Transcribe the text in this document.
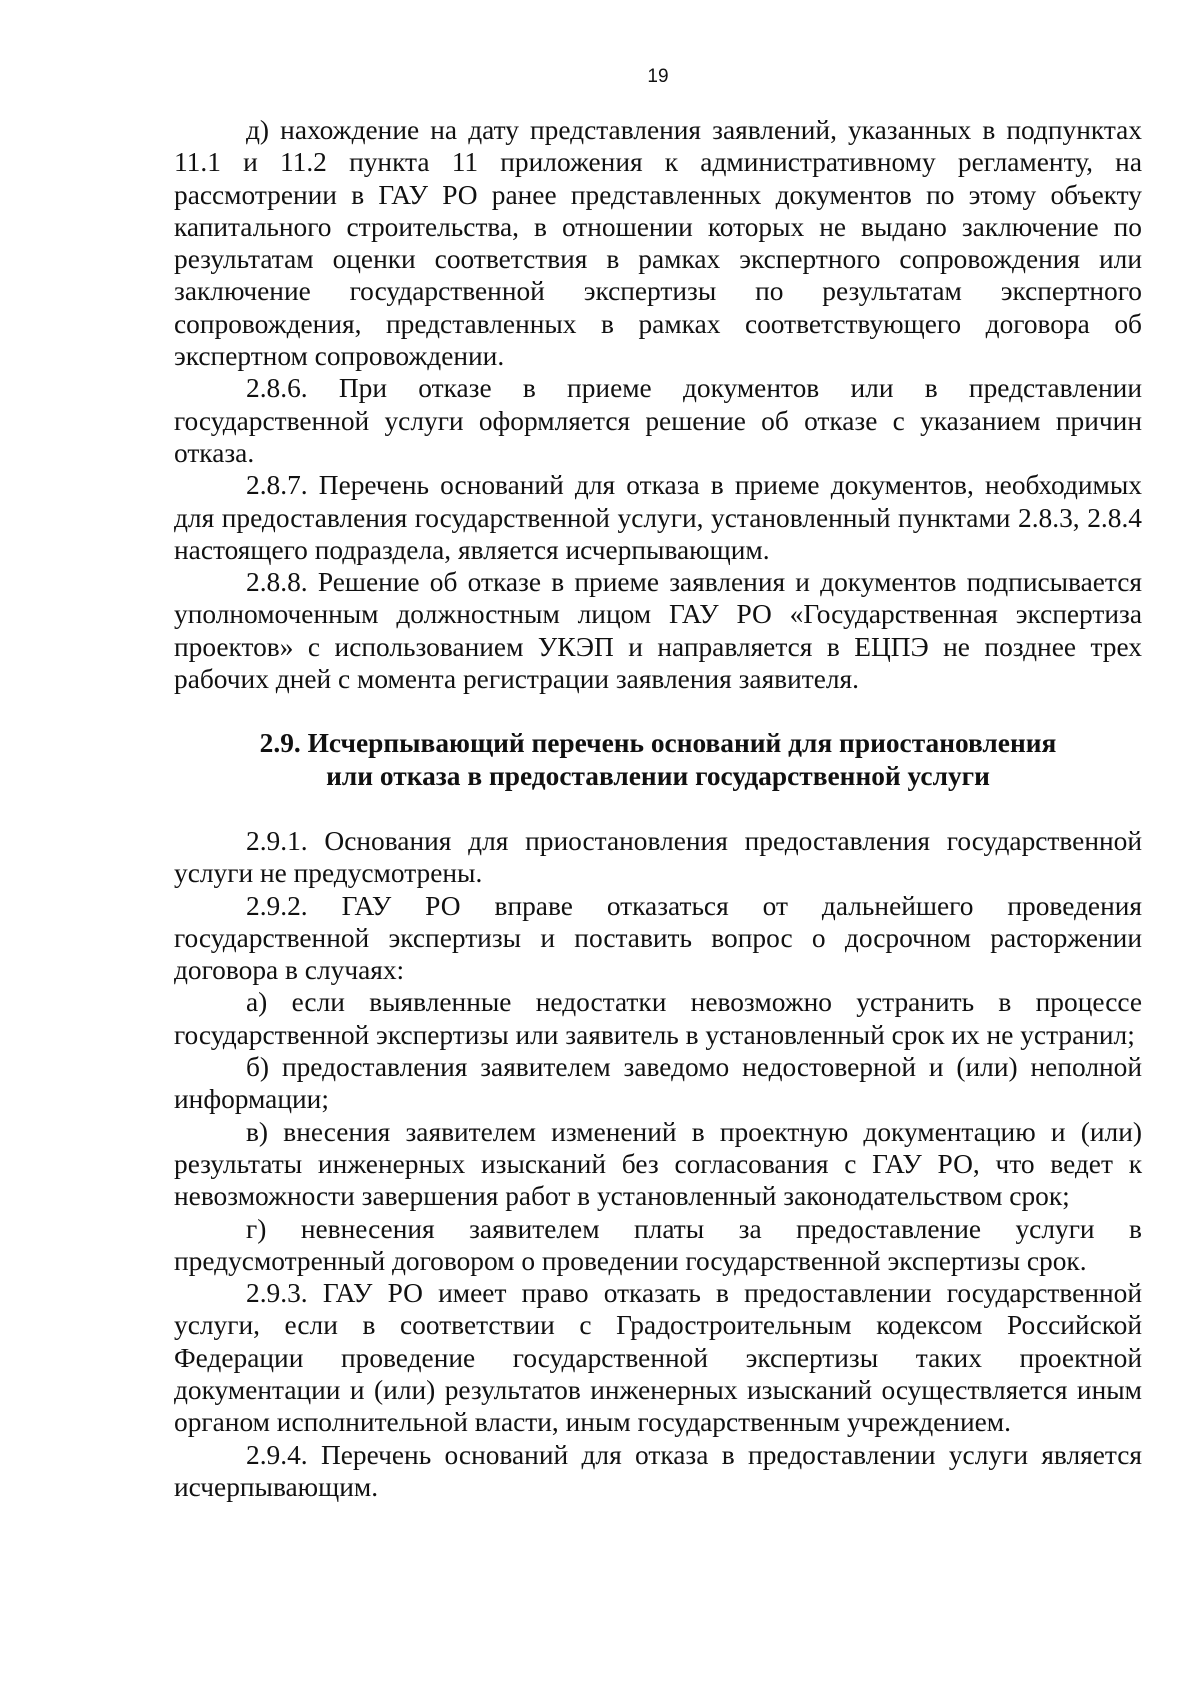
19

д) нахождение на дату представления заявлений, указанных в подпунктах 11.1 и 11.2 пункта 11 приложения к административному регламенту, на рассмотрении в ГАУ РО ранее представленных документов по этому объекту капитального строительства, в отношении которых не выдано заключение по результатам оценки соответствия в рамках экспертного сопровождения или заключение государственной экспертизы по результатам экспертного сопровождения, представленных в рамках соответствующего договора об экспертном сопровождении.

2.8.6. При отказе в приеме документов или в представлении государственной услуги оформляется решение об отказе с указанием причин отказа.

2.8.7. Перечень оснований для отказа в приеме документов, необходимых для предоставления государственной услуги, установленный пунктами 2.8.3, 2.8.4 настоящего подраздела, является исчерпывающим.

2.8.8. Решение об отказе в приеме заявления и документов подписывается уполномоченным должностным лицом ГАУ РО «Государственная экспертиза проектов» с использованием УКЭП и направляется в ЕЦПЭ не позднее трех рабочих дней с момента регистрации заявления заявителя.

2.9. Исчерпывающий перечень оснований для приостановления
или отказа в предоставлении государственной услуги

2.9.1. Основания для приостановления предоставления государственной услуги не предусмотрены.

2.9.2. ГАУ РО вправе отказаться от дальнейшего проведения государственной экспертизы и поставить вопрос о досрочном расторжении договора в случаях:

а) если выявленные недостатки невозможно устранить в процессе государственной экспертизы или заявитель в установленный срок их не устранил;

б) предоставления заявителем заведомо недостоверной и (или) неполной информации;

в) внесения заявителем изменений в проектную документацию и (или) результаты инженерных изысканий без согласования с ГАУ РО, что ведет к невозможности завершения работ в установленный законодательством срок;

г) невнесения заявителем платы за предоставление услуги в предусмотренный договором о проведении государственной экспертизы срок.

2.9.3. ГАУ РО имеет право отказать в предоставлении государственной услуги, если в соответствии с Градостроительным кодексом Российской Федерации проведение государственной экспертизы таких проектной документации и (или) результатов инженерных изысканий осуществляется иным органом исполнительной власти, иным государственным учреждением.

2.9.4. Перечень оснований для отказа в предоставлении услуги является исчерпывающим.
